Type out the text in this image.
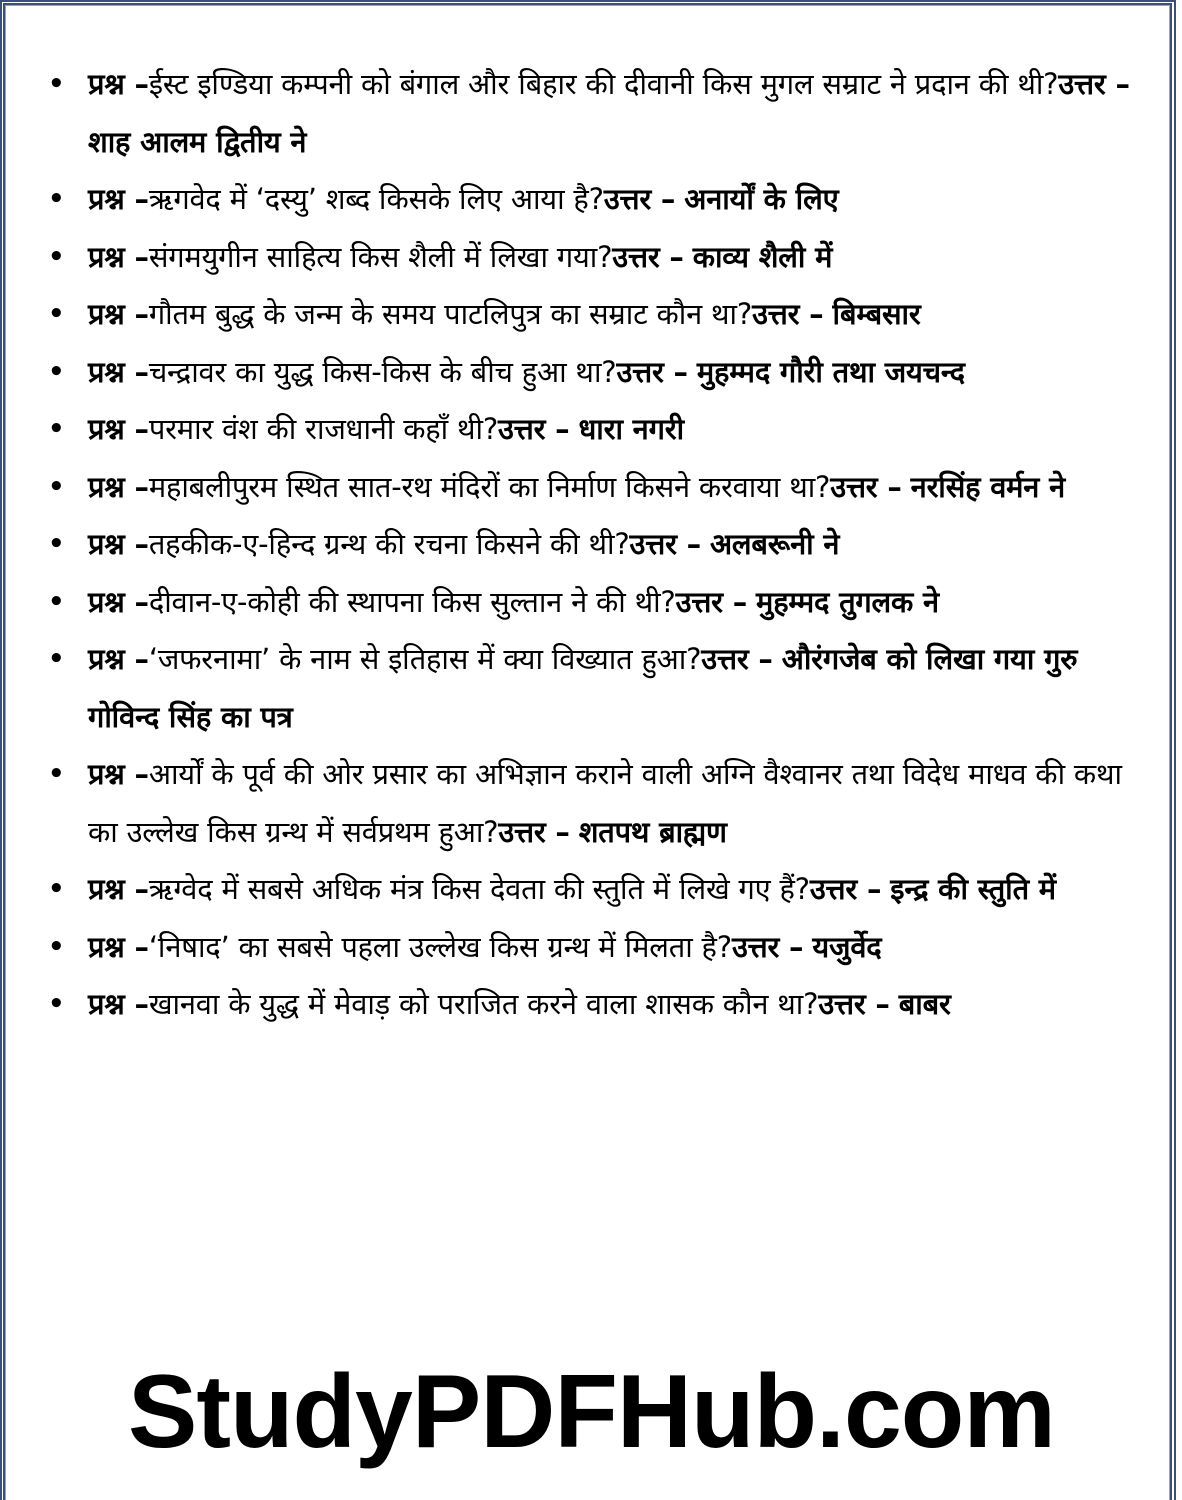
• प्रश्न –ईस्ट इण्डिया कम्पनी को बंगाल और बिहार की दीवानी किस मुगल सम्राट ने प्रदान की थी?उत्तर –शाह आलम द्वितीय ने
• प्रश्न –ऋगवेद में ‘दस्यु’ शब्द किसके लिए आया है?उत्तर – अनार्यों के लिए
• प्रश्न –संगमयुगीन साहित्य किस शैली में लिखा गया?उत्तर – काव्य शैली में
• प्रश्न –गौतम बुद्ध के जन्म के समय पाटलिपुत्र का सम्राट कौन था?उत्तर – बिम्बसार
• प्रश्न –चन्द्रावर का युद्ध किस-किस के बीच हुआ था?उत्तर – मुहम्मद गौरी तथा जयचन्द
• प्रश्न –परमार वंश की राजधानी कहाँ थी?उत्तर – धारा नगरी
• प्रश्न –महाबलीपुरम स्थित सात-रथ मंदिरों का निर्माण किसने करवाया था?उत्तर – नरसिंह वर्मन ने
• प्रश्न –तहकीक-ए-हिन्द ग्रन्थ की रचना किसने की थी?उत्तर – अलबरूनी ने
• प्रश्न –दीवान-ए-कोही की स्थापना किस सुल्तान ने की थी?उत्तर – मुहम्मद तुगलक ने
• प्रश्न –‘जफरनामा’ के नाम से इतिहास में क्या विख्यात हुआ?उत्तर – औरंगजेब को लिखा गया गुरु गोविन्द सिंह का पत्र
• प्रश्न –आर्यों के पूर्व की ओर प्रसार का अभिज्ञान कराने वाली अग्नि वैश्वानर तथा विदेध माधव की कथा का उल्लेख किस ग्रन्थ में सर्वप्रथम हुआ?उत्तर – शतपथ ब्राह्मण
• प्रश्न –ऋग्वेद में सबसे अधिक मंत्र किस देवता की स्तुति में लिखे गए हैं?उत्तर – इन्द्र की स्तुति में
• प्रश्न –‘निषाद’ का सबसे पहला उल्लेख किस ग्रन्थ में मिलता है?उत्तर – यजुर्वेद
• प्रश्न –खानवा के युद्ध में मेवाड़ को पराजित करने वाला शासक कौन था?उत्तर – बाबर
StudyPDFHub.com
